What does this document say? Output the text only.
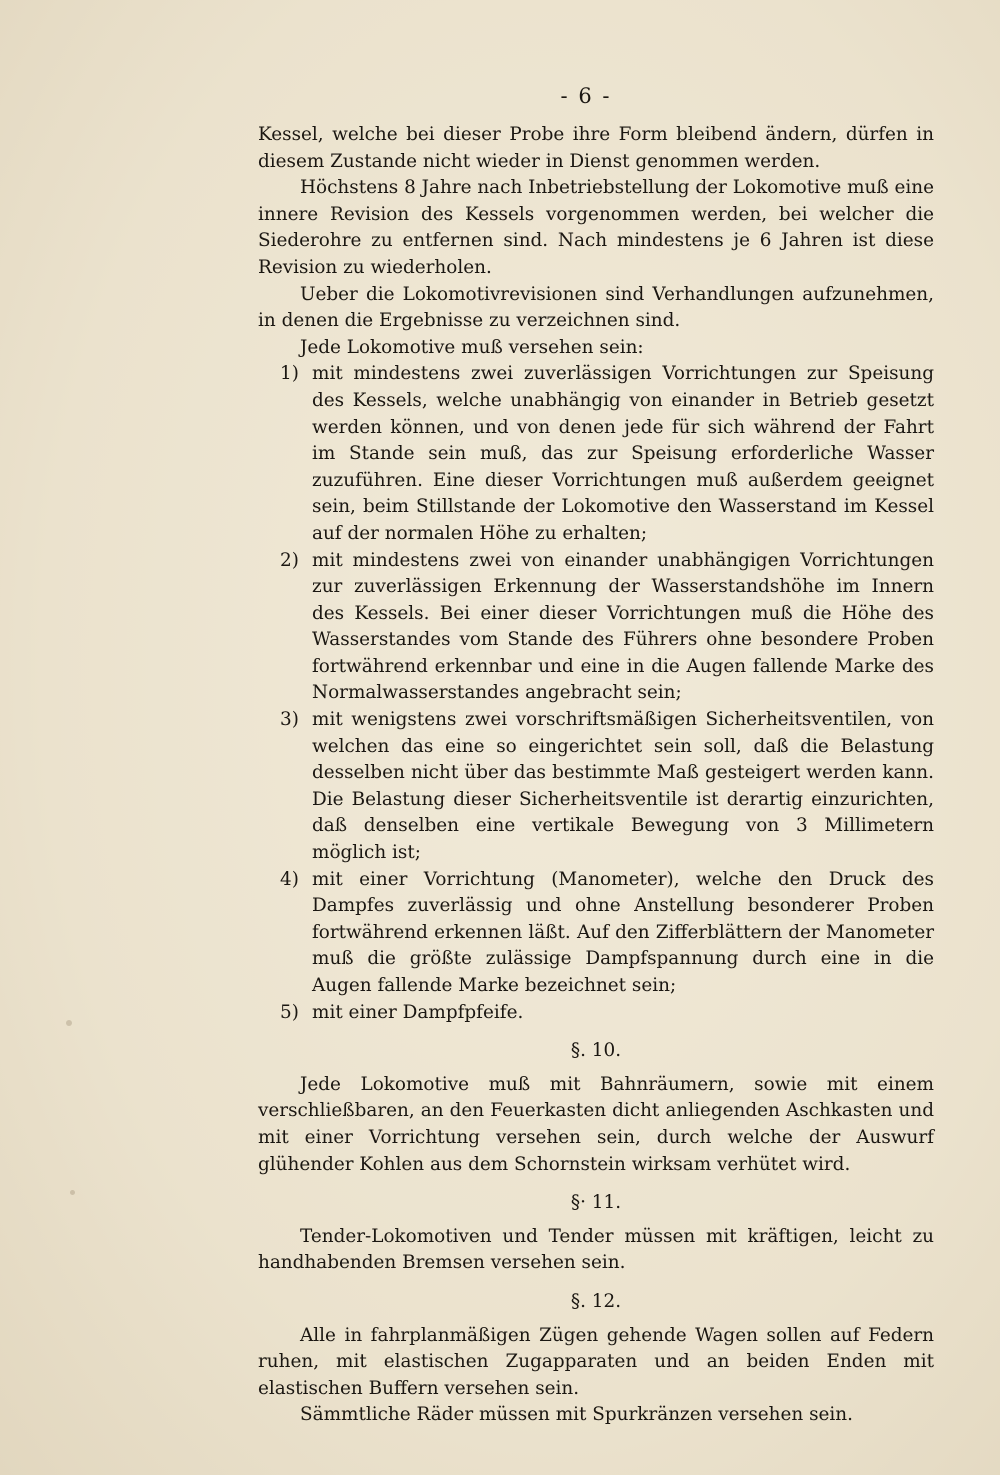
- 6 -

Kessel, welche bei dieser Probe ihre Form bleibend ändern, dürfen in diesem Zustande nicht wieder in Dienst genommen werden.

Höchstens 8 Jahre nach Inbetriebstellung der Lokomotive muß eine innere Revision des Kessels vorgenommen werden, bei welcher die Siederohre zu entfernen sind. Nach mindestens je 6 Jahren ist diese Revision zu wiederholen.

Ueber die Lokomotivrevisionen sind Verhandlungen aufzunehmen, in denen die Ergebnisse zu verzeichnen sind.

Jede Lokomotive muß versehen sein:

1) mit mindestens zwei zuverlässigen Vorrichtungen zur Speisung des Kessels, welche unabhängig von einander in Betrieb gesetzt werden können, und von denen jede für sich während der Fahrt im Stande sein muß, das zur Speisung erforderliche Wasser zuzuführen. Eine dieser Vorrichtungen muß außerdem geeignet sein, beim Stillstande der Lokomotive den Wasserstand im Kessel auf der normalen Höhe zu erhalten;

2) mit mindestens zwei von einander unabhängigen Vorrichtungen zur zuverlässigen Erkennung der Wasserstandshöhe im Innern des Kessels. Bei einer dieser Vorrichtungen muß die Höhe des Wasserstandes vom Stande des Führers ohne besondere Proben fortwährend erkennbar und eine in die Augen fallende Marke des Normalwasserstandes angebracht sein;

3) mit wenigstens zwei vorschriftsmäßigen Sicherheitsventilen, von welchen das eine so eingerichtet sein soll, daß die Belastung desselben nicht über das bestimmte Maß gesteigert werden kann. Die Belastung dieser Sicherheitsventile ist derartig einzurichten, daß denselben eine vertikale Bewegung von 3 Millimetern möglich ist;

4) mit einer Vorrichtung (Manometer), welche den Druck des Dampfes zuverlässig und ohne Anstellung besonderer Proben fortwährend erkennen läßt. Auf den Zifferblättern der Manometer muß die größte zulässige Dampfspannung durch eine in die Augen fallende Marke bezeichnet sein;

5) mit einer Dampfpfeife.

§. 10.

Jede Lokomotive muß mit Bahnräumern, sowie mit einem verschließbaren, an den Feuerkasten dicht anliegenden Aschkasten und mit einer Vorrichtung versehen sein, durch welche der Auswurf glühender Kohlen aus dem Schornstein wirksam verhütet wird.

§· 11.

Tender-Lokomotiven und Tender müssen mit kräftigen, leicht zu handhabenden Bremsen versehen sein.

§. 12.

Alle in fahrplanmäßigen Zügen gehende Wagen sollen auf Federn ruhen, mit elastischen Zugapparaten und an beiden Enden mit elastischen Buffern versehen sein.

Sämmtliche Räder müssen mit Spurkränzen versehen sein.
